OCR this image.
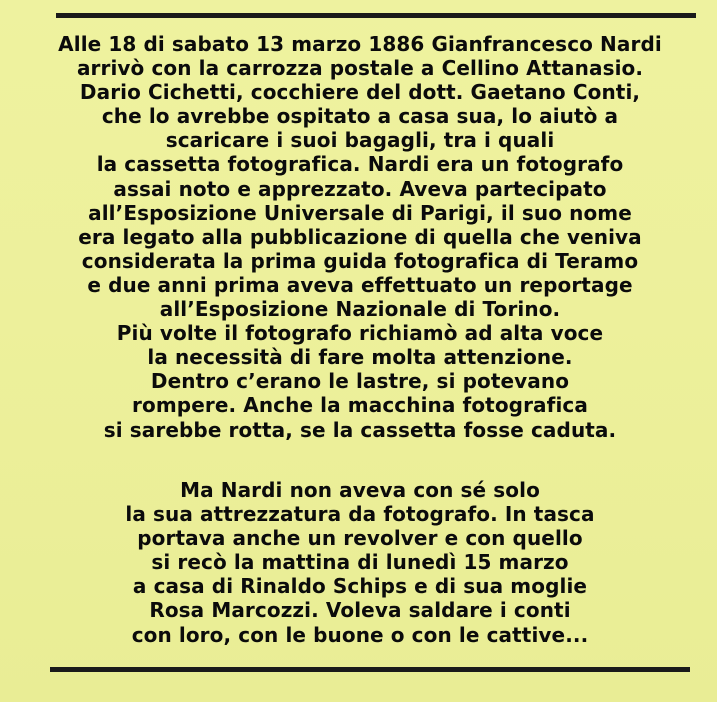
Alle 18 di sabato 13 marzo 1886 Gianfrancesco Nardi
arrivò con la carrozza postale a Cellino Attanasio.
Dario Cichetti, cocchiere del dott. Gaetano Conti,
che lo avrebbe ospitato a casa sua, lo aiutò a
scaricare i suoi bagagli, tra i quali
la cassetta fotografica. Nardi era un fotografo
assai noto e apprezzato. Aveva partecipato
all’Esposizione Universale di Parigi, il suo nome
era legato alla pubblicazione di quella che veniva
considerata la prima guida fotografica di Teramo
e due anni prima aveva effettuato un reportage
all’Esposizione Nazionale di Torino.
Più volte il fotografo richiamò ad alta voce
la necessità di fare molta attenzione.
Dentro c’erano le lastre, si potevano
rompere. Anche la macchina fotografica
si sarebbe rotta, se la cassetta fosse caduta.
Ma Nardi non aveva con sé solo
la sua attrezzatura da fotografo. In tasca
portava anche un revolver e con quello
si recò la mattina di lunedì 15 marzo
a casa di Rinaldo Schips e di sua moglie
Rosa Marcozzi. Voleva saldare i conti
con loro, con le buone o con le cattive...
